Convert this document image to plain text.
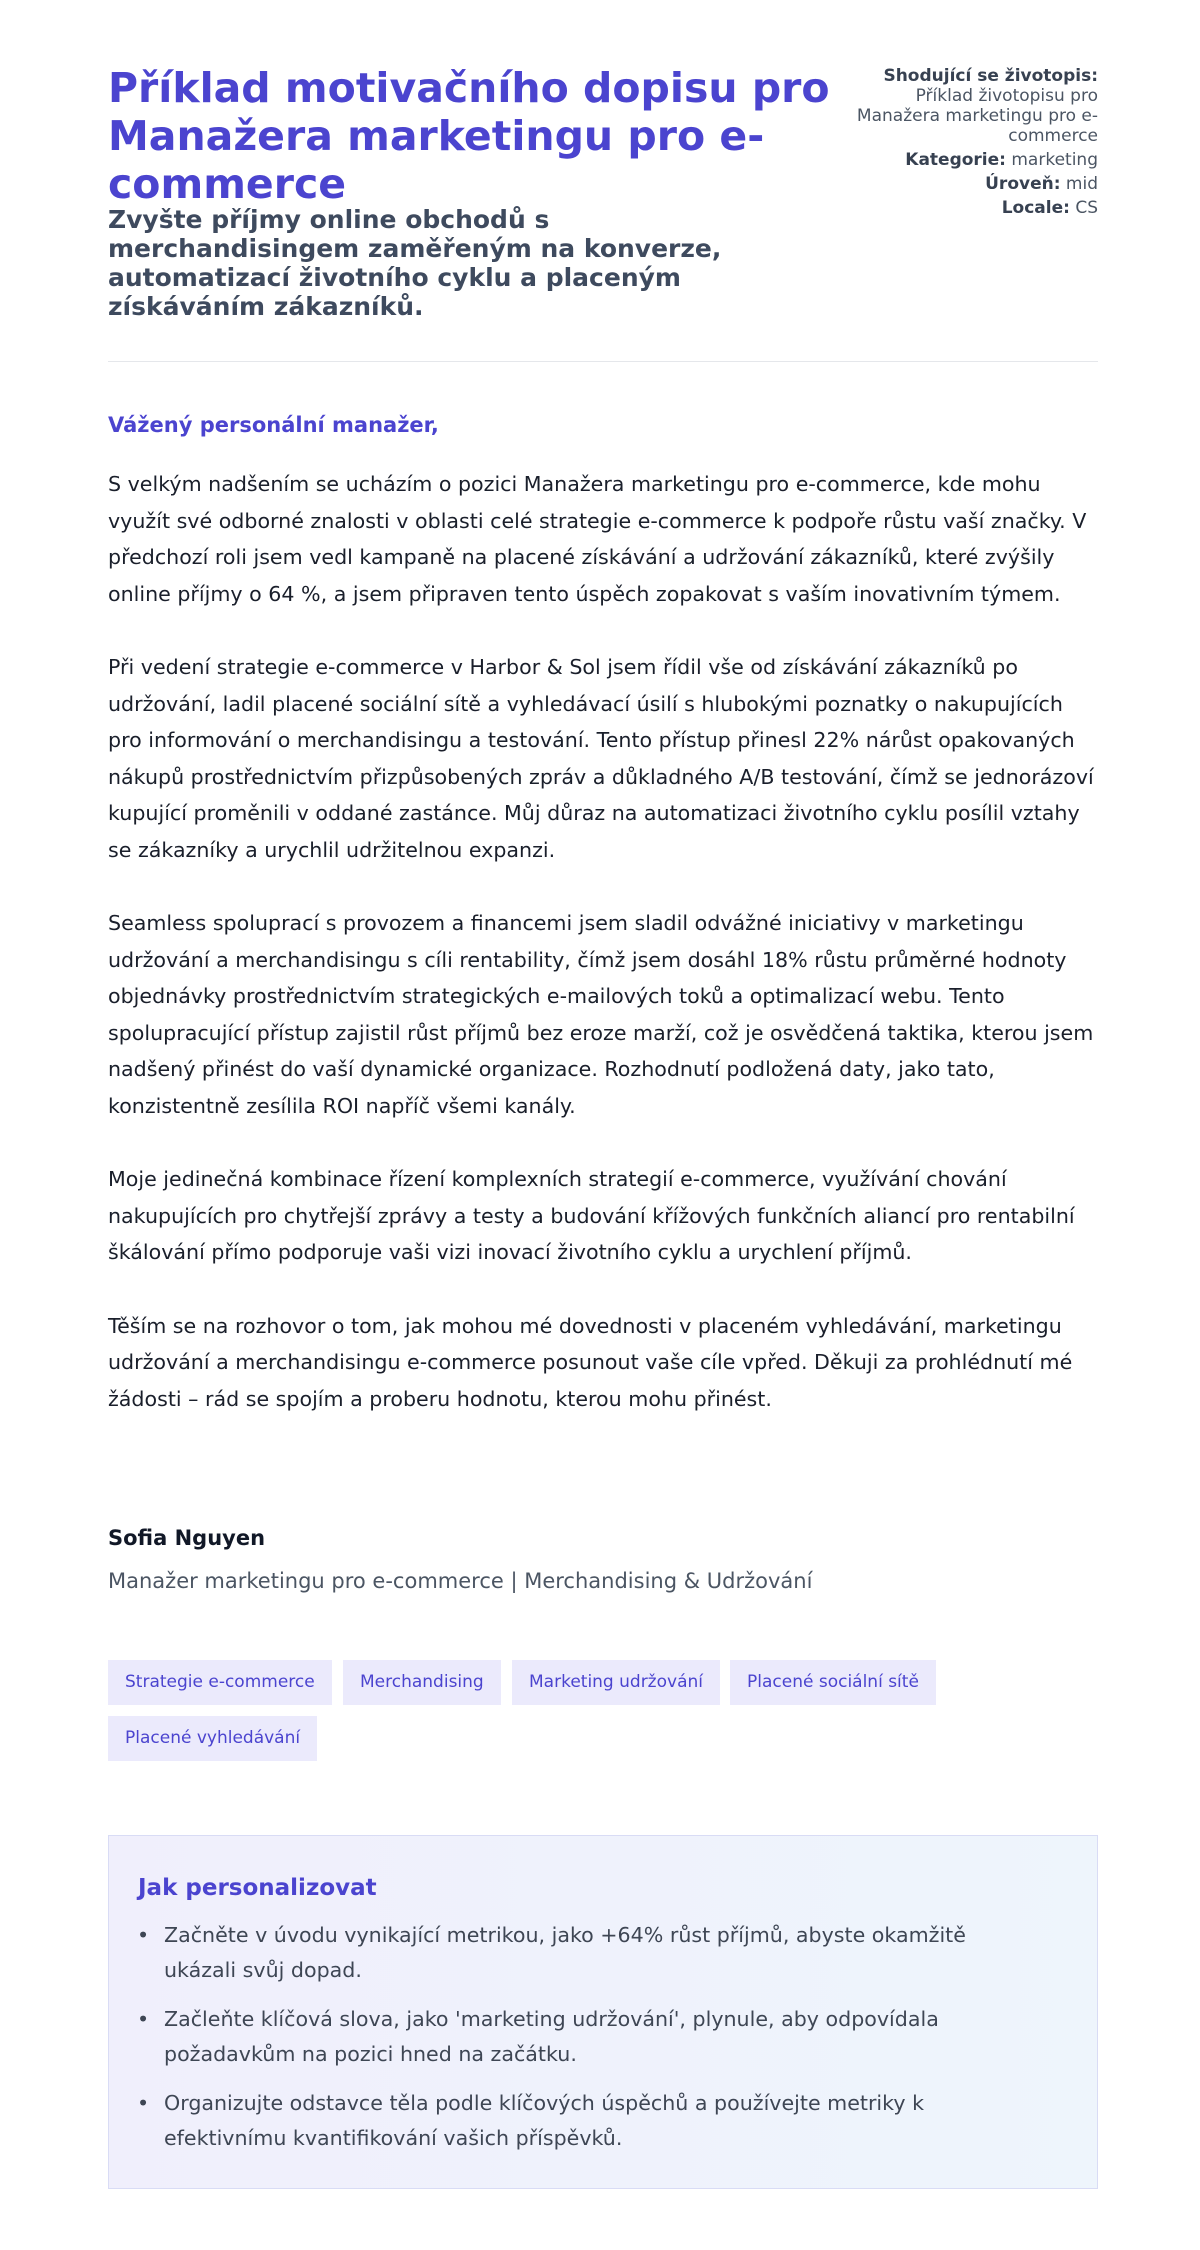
Příklad motivačního dopisu pro Manažera marketingu pro e-commerce
Zvyšte příjmy online obchodů s merchandisingem zaměřeným na konverze, automatizací životního cyklu a placeným získáváním zákazníků.
Shodující se životopis:
Příklad životopisu pro Manažera marketingu pro e-commerce
Kategorie: marketing
Úroveň: mid
Locale: CS
Vážený personální manažer,

S velkým nadšením se ucházím o pozici Manažera marketingu pro e-commerce, kde mohu využít své odborné znalosti v oblasti celé strategie e-commerce k podpoře růstu vaší značky. V předchozí roli jsem vedl kampaně na placené získávání a udržování zákazníků, které zvýšily online příjmy o 64 %, a jsem připraven tento úspěch zopakovat s vaším inovativním týmem.

Při vedení strategie e-commerce v Harbor & Sol jsem řídil vše od získávání zákazníků po udržování, ladil placené sociální sítě a vyhledávací úsilí s hlubokými poznatky o nakupujících pro informování o merchandisingu a testování. Tento přístup přinesl 22% nárůst opakovaných nákupů prostřednictvím přizpůsobených zpráv a důkladného A/B testování, čímž se jednorázoví kupující proměnili v oddané zastánce. Můj důraz na automatizaci životního cyklu posílil vztahy se zákazníky a urychlil udržitelnou expanzi.

Seamless spoluprací s provozem a financemi jsem sladil odvážné iniciativy v marketingu udržování a merchandisingu s cíli rentability, čímž jsem dosáhl 18% růstu průměrné hodnoty objednávky prostřednictvím strategických e-mailových toků a optimalizací webu. Tento spolupracující přístup zajistil růst příjmů bez eroze marží, což je osvědčená taktika, kterou jsem nadšený přinést do vaší dynamické organizace. Rozhodnutí podložená daty, jako tato, konzistentně zesílila ROI napříč všemi kanály.

Moje jedinečná kombinace řízení komplexních strategií e-commerce, využívání chování nakupujících pro chytřejší zprávy a testy a budování křížových funkčních aliancí pro rentabilní škálování přímo podporuje vaši vizi inovací životního cyklu a urychlení příjmů.

Těším se na rozhovor o tom, jak mohou mé dovednosti v placeném vyhledávání, marketingu udržování a merchandisingu e-commerce posunout vaše cíle vpřed. Děkuji za prohlédnutí mé žádosti – rád se spojím a proberu hodnotu, kterou mohu přinést.

Sofia Nguyen
Manažer marketingu pro e-commerce | Merchandising & Udržování
Strategie e-commerce	Merchandising	Marketing udržování	Placené sociální sítě
Placené vyhledávání
Jak personalizovat
• Začněte v úvodu vynikající metrikou, jako +64% růst příjmů, abyste okamžitě ukázali svůj dopad.
• Začleňte klíčová slova, jako 'marketing udržování', plynule, aby odpovídala požadavkům na pozici hned na začátku.
• Organizujte odstavce těla podle klíčových úspěchů a používejte metriky k efektivnímu kvantifikování vašich příspěvků.
